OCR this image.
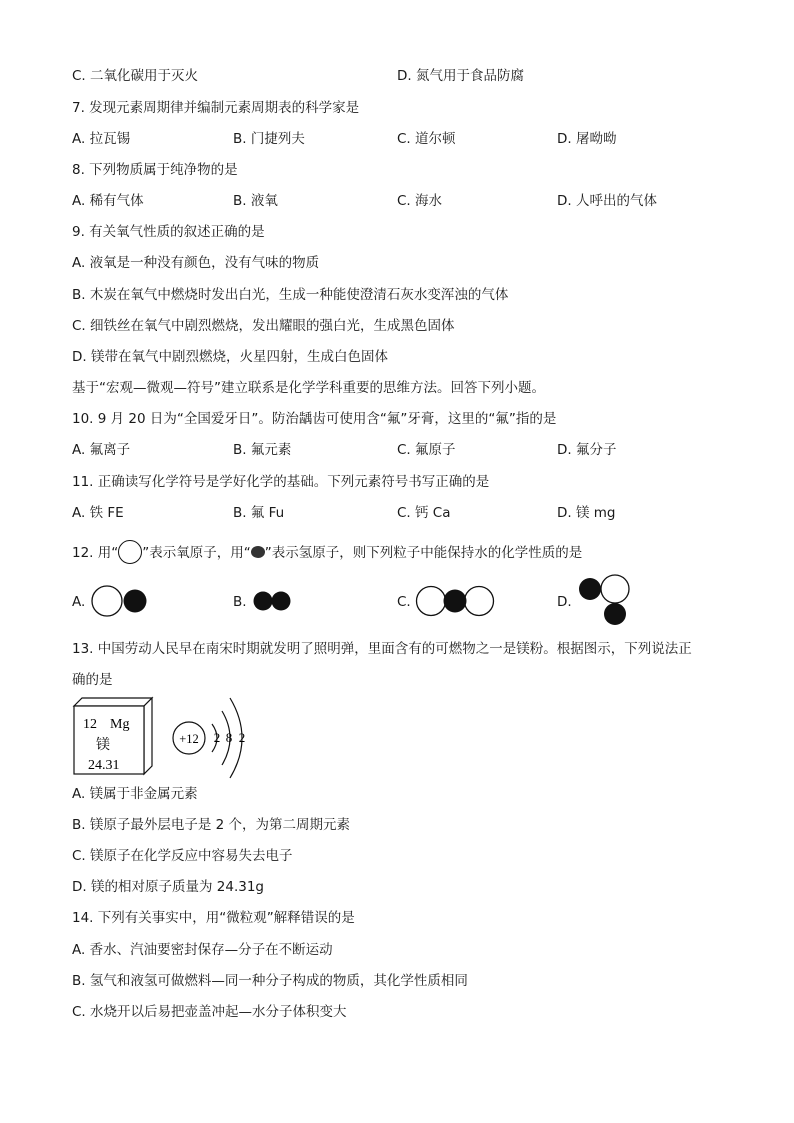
C. 二氧化碳用于灭火	D. 氮气用于食品防腐
7. 发现元素周期律并编制元素周期表的科学家是
A. 拉瓦锡	B. 门捷列夫	C. 道尔顿	D. 屠呦呦
8. 下列物质属于纯净物的是
A. 稀有气体	B. 液氧	C. 海水	D. 人呼出的气体
9. 有关氧气性质的叙述正确的是
A. 液氧是一种没有颜色，没有气味的物质
B. 木炭在氧气中燃烧时发出白光，生成一种能使澄清石灰水变浑浊的气体
C. 细铁丝在氧气中剧烈燃烧，发出耀眼的强白光，生成黑色固体
D. 镁带在氧气中剧烈燃烧，火星四射，生成白色固体
基于“宏观—微观—符号”建立联系是化学学科重要的思维方法。回答下列小题。
10. 9 月 20 日为“全国爱牙日”。防治龋齿可使用含“氟”牙膏，这里的“氟”指的是
A. 氟离子	B. 氟元素	C. 氟原子	D. 氟分子
11. 正确读写化学符号是学好化学的基础。下列元素符号书写正确的是
A. 铁 FE	B. 氟 Fu	C. 钙 Ca	D. 镁 mg
12. 用“ ”表示氧原子，用“ ”表示氢原子，则下列粒子中能保持水的化学性质的是
A.	B.	C.	D.
13. 中国劳动人民早在南宋时期就发明了照明弹，里面含有的可燃物之一是镁粉。根据图示，下列说法正
确的是
12 Mg
镁
24.31
+12 2 8 2
A. 镁属于非金属元素
B. 镁原子最外层电子是 2 个，为第二周期元素
C. 镁原子在化学反应中容易失去电子
D. 镁的相对原子质量为 24.31g
14. 下列有关事实中，用“微粒观”解释错误的是
A. 香水、汽油要密封保存—分子在不断运动
B. 氢气和液氢可做燃料—同一种分子构成的物质，其化学性质相同
C. 水烧开以后易把壶盖冲起—水分子体积变大
